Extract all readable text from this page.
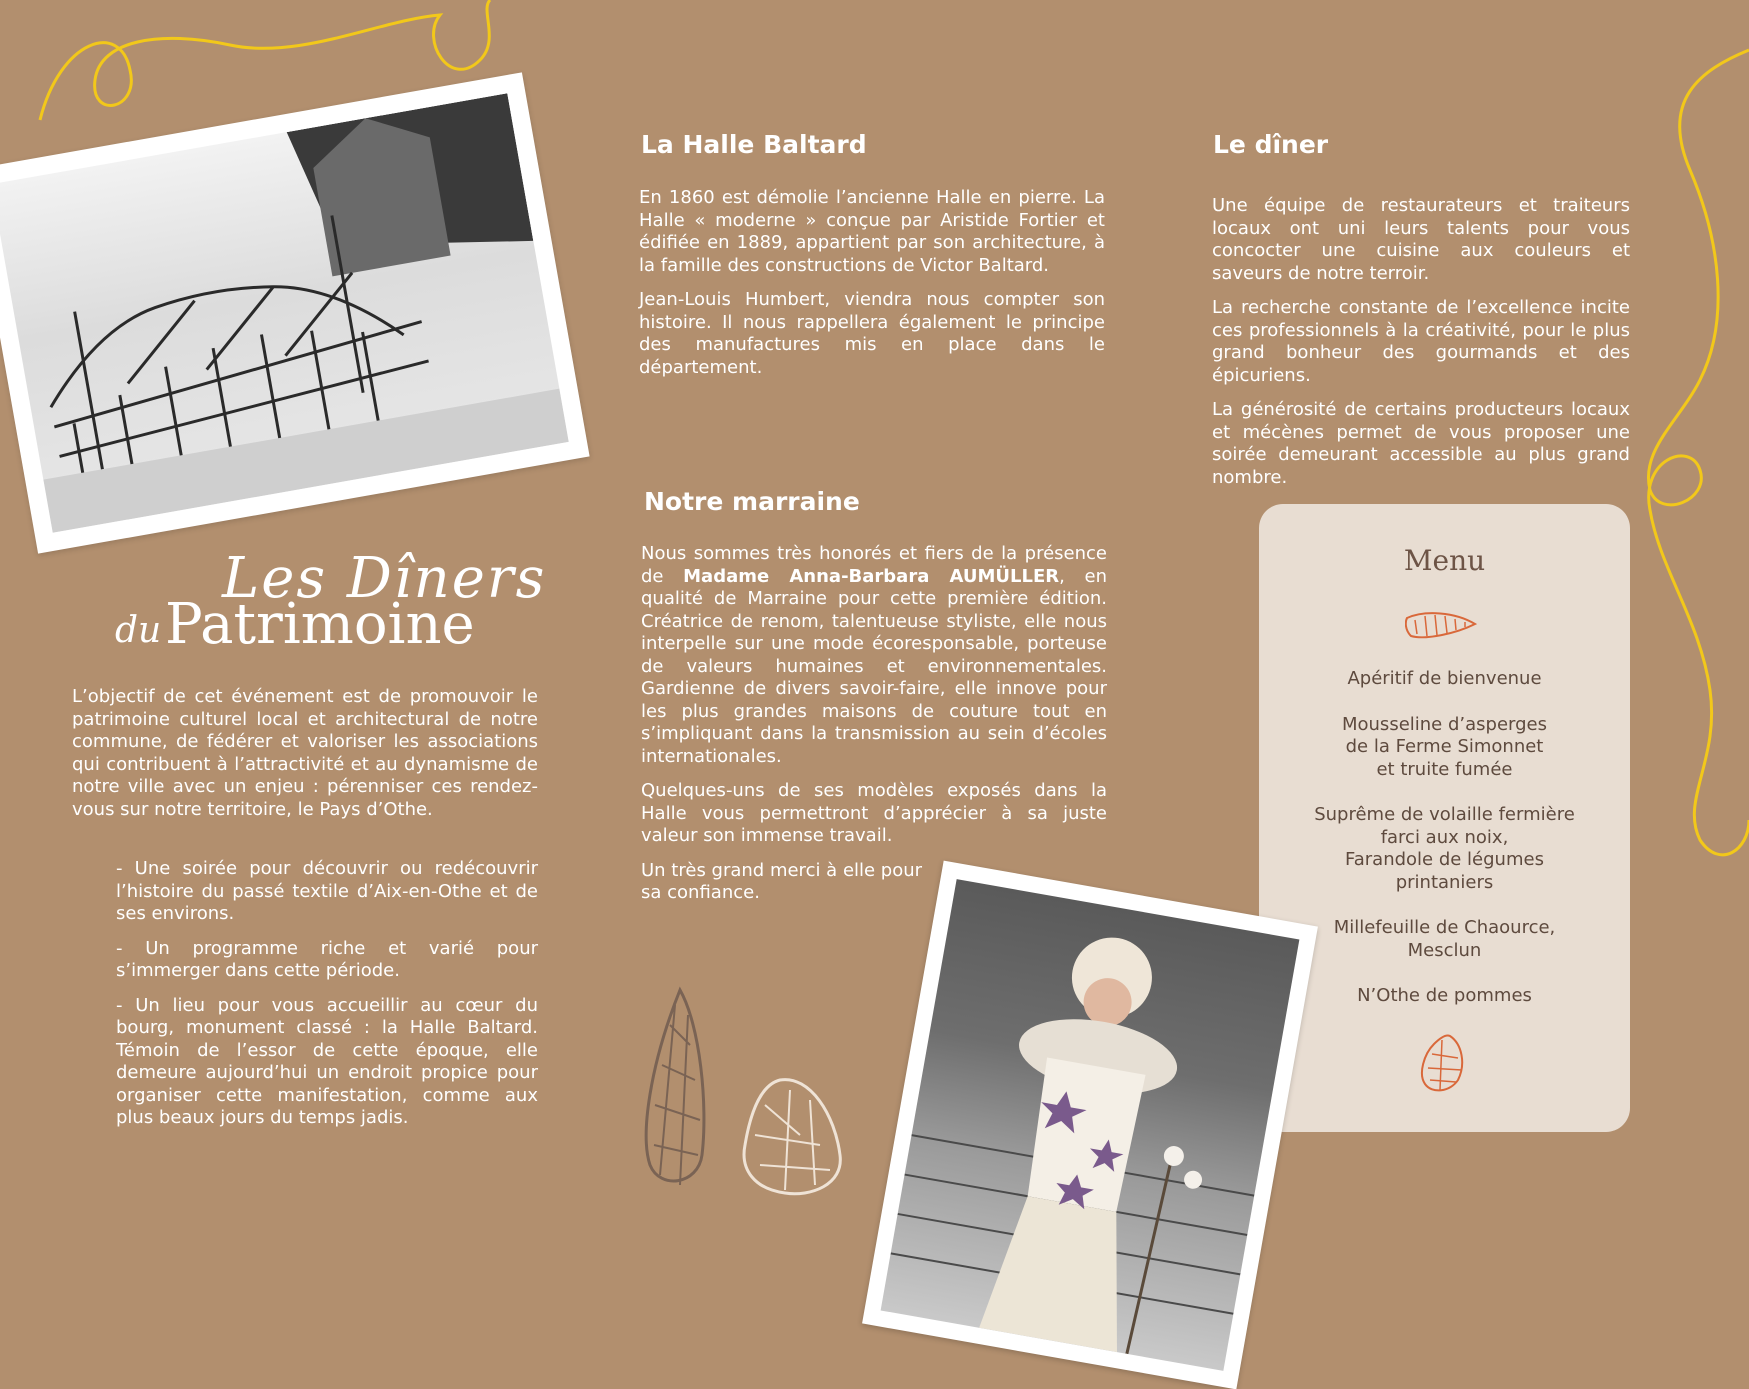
Les Dîners
du Patrimoine

L’objectif de cet événement est de promouvoir le patrimoine culturel local et architectural de notre commune, de fédérer et valoriser les associations qui contribuent à l’attractivité et au dynamisme de notre ville avec un enjeu : pérenniser ces rendez-vous sur notre territoire, le Pays d’Othe.

- Une soirée pour découvrir ou redécouvrir l’histoire du passé textile d’Aix-en-Othe et de ses environs.

- Un programme riche et varié pour s’immerger dans cette période.

- Un lieu pour vous accueillir au cœur du bourg, monument classé : la Halle Baltard. Témoin de l’essor de cette époque, elle demeure aujourd’hui un endroit propice pour organiser cette manifestation, comme aux plus beaux jours du temps jadis.

La Halle Baltard

En 1860 est démolie l’ancienne Halle en pierre. La Halle « moderne » conçue par Aristide Fortier et édifiée en 1889, appartient par son architecture, à la famille des constructions de Victor Baltard.

Jean-Louis Humbert, viendra nous compter son histoire. Il nous rappellera également le principe des manufactures mis en place dans le département.

Notre marraine

Nous sommes très honorés et fiers de la présence de Madame Anna-Barbara AUMÜLLER, en qualité de Marraine pour cette première édition. Créatrice de renom, talentueuse styliste, elle nous interpelle sur une mode écoresponsable, porteuse de valeurs humaines et environnementales. Gardienne de divers savoir-faire, elle innove pour les plus grandes maisons de couture tout en s’impliquant dans la transmission au sein d’écoles internationales.

Quelques-uns de ses modèles exposés dans la Halle vous permettront d’apprécier à sa juste valeur son immense travail.

Un très grand merci à elle pour sa confiance.

Le dîner

Une équipe de restaurateurs et traiteurs locaux ont uni leurs talents pour vous concocter une cuisine aux couleurs et saveurs de notre terroir.

La recherche constante de l’excellence incite ces professionnels à la créativité, pour le plus grand bonheur des gourmands et des épicuriens.

La générosité de certains producteurs locaux et mécènes permet de vous proposer une soirée demeurant accessible au plus grand nombre.

Menu
Apéritif de bienvenue
Mousseline d’asperges
de la Ferme Simonnet
et truite fumée
Suprême de volaille fermière
farci aux noix,
Farandole de légumes
printaniers
Millefeuille de Chaource,
Mesclun
N’Othe de pommes
